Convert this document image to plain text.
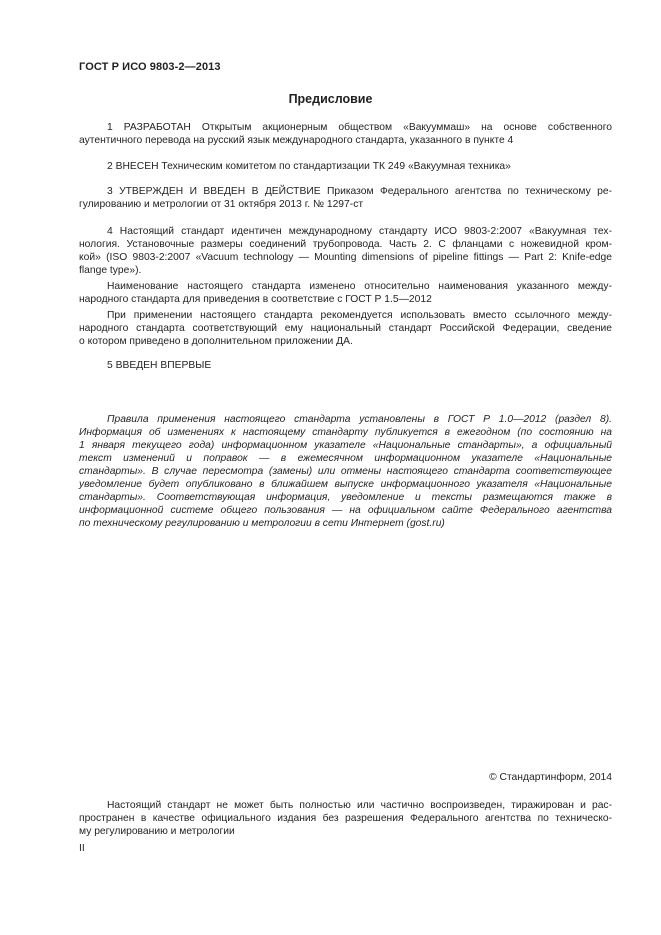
ГОСТ Р ИСО 9803-2—2013
Предисловие
1 РАЗРАБОТАН Открытым акционерным обществом «Вакууммаш» на основе собственного
аутентичного перевода на русский язык международного стандарта, указанного в пункте 4
2 ВНЕСЕН Техническим комитетом по стандартизации ТК 249 «Вакуумная техника»
3 УТВЕРЖДЕН И ВВЕДЕН В ДЕЙСТВИЕ Приказом Федерального агентства по техническому ре-
гулированию и метрологии от 31 октября 2013 г. № 1297-ст
4 Настоящий стандарт идентичен международному стандарту ИСО 9803-2:2007 «Вакуумная тех-
нология. Установочные размеры соединений трубопровода. Часть 2. С фланцами с ножевидной кром-
кой» (ISO 9803-2:2007 «Vacuum technology — Mounting dimensions of pipeline fittings — Part 2: Knife-edge
flange type»).
Наименование настоящего стандарта изменено относительно наименования указанного между-
народного стандарта для приведения в соответствие с ГОСТ Р 1.5—2012
При применении настоящего стандарта рекомендуется использовать вместо ссылочного между-
народного стандарта соответствующий ему национальный стандарт Российской Федерации, сведение
о котором приведено в дополнительном приложении ДА.
5 ВВЕДЕН ВПЕРВЫЕ
Правила применения настоящего стандарта установлены в ГОСТ Р 1.0—2012 (раздел 8).
Информация об изменениях к настоящему стандарту публикуется в ежегодном (по состоянию на
1 января текущего года) информационном указателе «Национальные стандарты», а официальный
текст изменений и поправок — в ежемесячном информационном указателе «Национальные
стандарты». В случае пересмотра (замены) или отмены настоящего стандарта соответствующее
уведомление будет опубликовано в ближайшем выпуске информационного указателя «Национальные
стандарты». Соответствующая информация, уведомление и тексты размещаются также в
информационной системе общего пользования — на официальном сайте Федерального агентства
по техническому регулированию и метрологии в сети Интернет (gost.ru)
© Стандартинформ, 2014
Настоящий стандарт не может быть полностью или частично воспроизведен, тиражирован и рас-
пространен в качестве официального издания без разрешения Федерального агентства по техническо-
му регулированию и метрологии
II
